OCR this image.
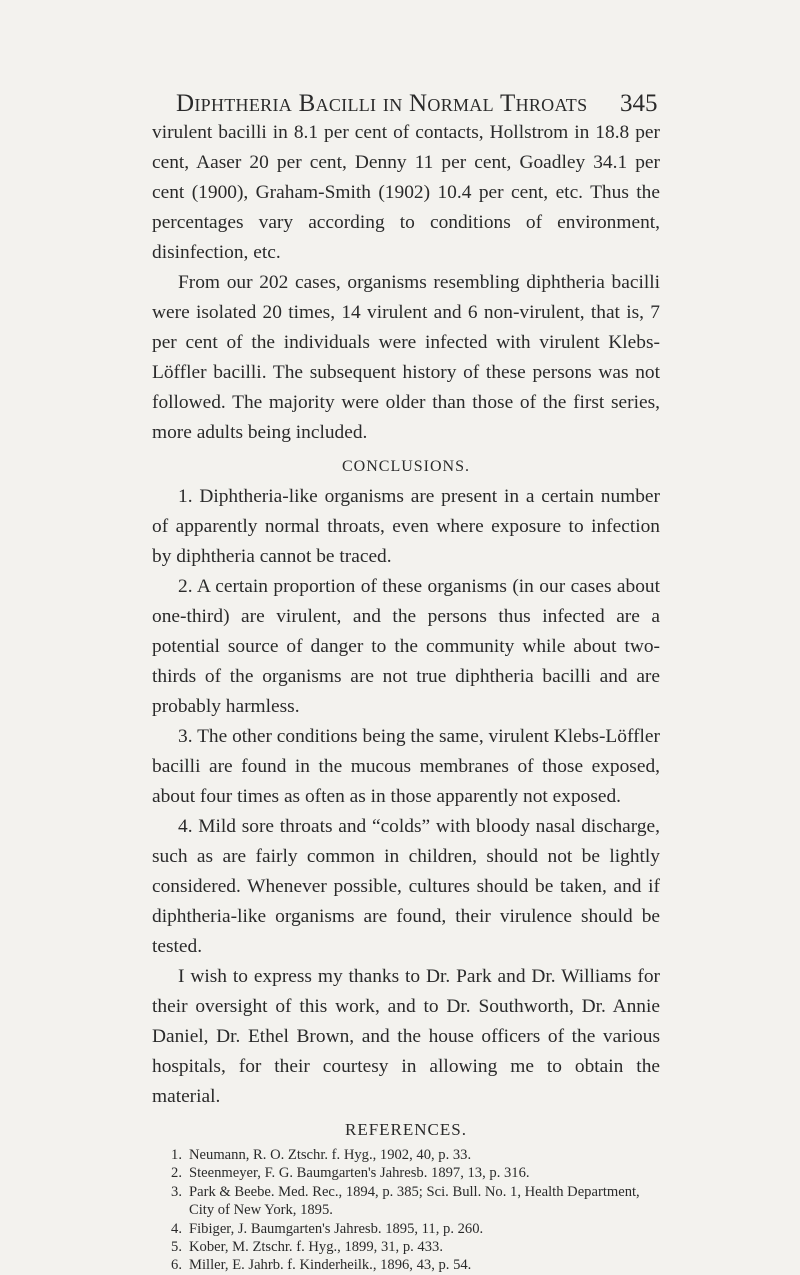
Diphtheria Bacilli in Normal Throats	345

virulent bacilli in 8.1 per cent of contacts, Hollstrom in 18.8 per cent, Aaser 20 per cent, Denny 11 per cent, Goadley 34.1 per cent (1900), Graham-Smith (1902) 10.4 per cent, etc. Thus the percentages vary according to conditions of environment, disinfection, etc.

From our 202 cases, organisms resembling diphtheria bacilli were isolated 20 times, 14 virulent and 6 non-virulent, that is, 7 per cent of the individuals were infected with virulent Klebs-Löffler bacilli. The subsequent history of these persons was not followed. The majority were older than those of the first series, more adults being included.

CONCLUSIONS.

1. Diphtheria-like organisms are present in a certain number of apparently normal throats, even where exposure to infection by diphtheria cannot be traced.

2. A certain proportion of these organisms (in our cases about one-third) are virulent, and the persons thus infected are a potential source of danger to the community while about two-thirds of the organisms are not true diphtheria bacilli and are probably harmless.

3. The other conditions being the same, virulent Klebs-Löffler bacilli are found in the mucous membranes of those exposed, about four times as often as in those apparently not exposed.

4. Mild sore throats and “colds” with bloody nasal discharge, such as are fairly common in children, should not be lightly considered. Whenever possible, cultures should be taken, and if diphtheria-like organisms are found, their virulence should be tested.

I wish to express my thanks to Dr. Park and Dr. Williams for their oversight of this work, and to Dr. Southworth, Dr. Annie Daniel, Dr. Ethel Brown, and the house officers of the various hospitals, for their courtesy in allowing me to obtain the material.

REFERENCES.
1. Neumann, R. O. Ztschr. f. Hyg., 1902, 40, p. 33.
2. Steenmeyer, F. G. Baumgarten's Jahresb. 1897, 13, p. 316.
3. Park & Beebe. Med. Rec., 1894, p. 385; Sci. Bull. No. 1, Health Department, City of New York, 1895.
4. Fibiger, J. Baumgarten's Jahresb. 1895, 11, p. 260.
5. Kober, M. Ztschr. f. Hyg., 1899, 31, p. 433.
6. Miller, E. Jahrb. f. Kinderheilk., 1896, 43, p. 54.
